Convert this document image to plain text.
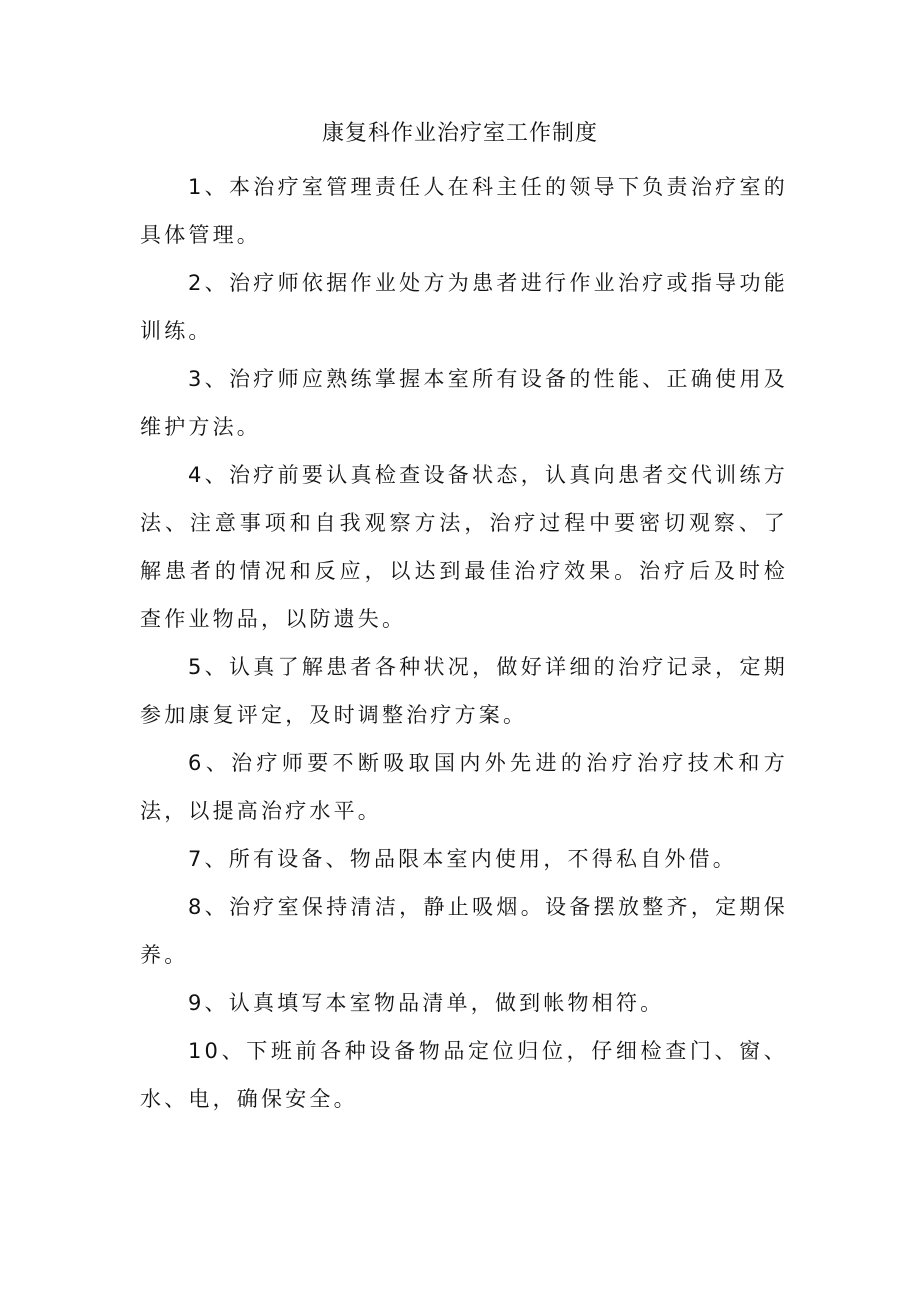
康复科作业治疗室工作制度

1、本治疗室管理责任人在科主任的领导下负责治疗室的具体管理。

2、治疗师依据作业处方为患者进行作业治疗或指导功能训练。

3、治疗师应熟练掌握本室所有设备的性能、正确使用及维护方法。

4、治疗前要认真检查设备状态，认真向患者交代训练方法、注意事项和自我观察方法，治疗过程中要密切观察、了解患者的情况和反应，以达到最佳治疗效果。治疗后及时检查作业物品，以防遗失。

5、认真了解患者各种状况，做好详细的治疗记录，定期参加康复评定，及时调整治疗方案。

6、治疗师要不断吸取国内外先进的治疗治疗技术和方法，以提高治疗水平。

7、所有设备、物品限本室内使用，不得私自外借。

8、治疗室保持清洁，静止吸烟。设备摆放整齐，定期保养。

9、认真填写本室物品清单，做到帐物相符。

10、下班前各种设备物品定位归位，仔细检查门、窗、水、电，确保安全。
